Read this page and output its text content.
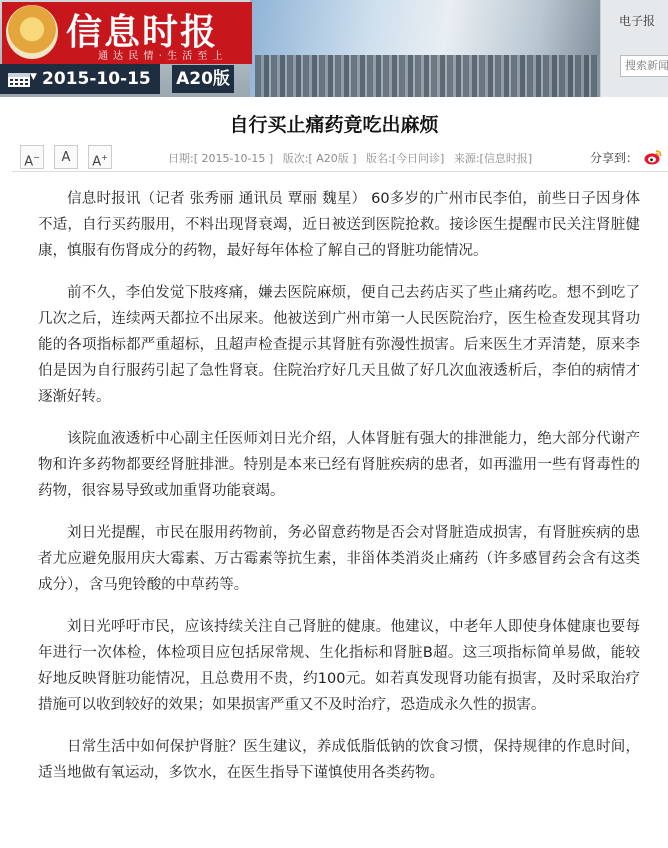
信息时报
通 达 民 情 · 生 活 至 上
电子报
搜索新闻
▼ 2015-10-15 A20版
自行买止痛药竟吃出麻烦
A−	A	A+	日期:[ 2015-10-15 ] 版次:[ A20版 ] 版名:[今日问诊] 来源:[信息时报]	分享到：

信息时报讯（记者 张秀丽 通讯员 覃丽 魏星） 60多岁的广州市民李伯，前些日子因身体不适，自行买药服用，不料出现肾衰竭，近日被送到医院抢救。接诊医生提醒市民关注肾脏健康，慎服有伤肾成分的药物，最好每年体检了解自己的肾脏功能情况。

前不久，李伯发觉下肢疼痛，嫌去医院麻烦，便自己去药店买了些止痛药吃。想不到吃了几次之后，连续两天都拉不出尿来。他被送到广州市第一人民医院治疗，医生检查发现其肾功能的各项指标都严重超标，且超声检查提示其肾脏有弥漫性损害。后来医生才弄清楚，原来李伯是因为自行服药引起了急性肾衰。住院治疗好几天且做了好几次血液透析后，李伯的病情才逐渐好转。

该院血液透析中心副主任医师刘日光介绍，人体肾脏有强大的排泄能力，绝大部分代谢产物和许多药物都要经肾脏排泄。特别是本来已经有肾脏疾病的患者，如再滥用一些有肾毒性的药物，很容易导致或加重肾功能衰竭。

刘日光提醒，市民在服用药物前，务必留意药物是否会对肾脏造成损害，有肾脏疾病的患者尤应避免服用庆大霉素、万古霉素等抗生素，非甾体类消炎止痛药（许多感冒药会含有这类成分），含马兜铃酸的中草药等。

刘日光呼吁市民，应该持续关注自己肾脏的健康。他建议，中老年人即使身体健康也要每年进行一次体检，体检项目应包括尿常规、生化指标和肾脏B超。这三项指标简单易做，能较好地反映肾脏功能情况，且总费用不贵，约100元。如若真发现肾功能有损害，及时采取治疗措施可以收到较好的效果；如果损害严重又不及时治疗，恐造成永久性的损害。

日常生活中如何保护肾脏？医生建议，养成低脂低钠的饮食习惯，保持规律的作息时间，适当地做有氧运动，多饮水，在医生指导下谨慎使用各类药物。
